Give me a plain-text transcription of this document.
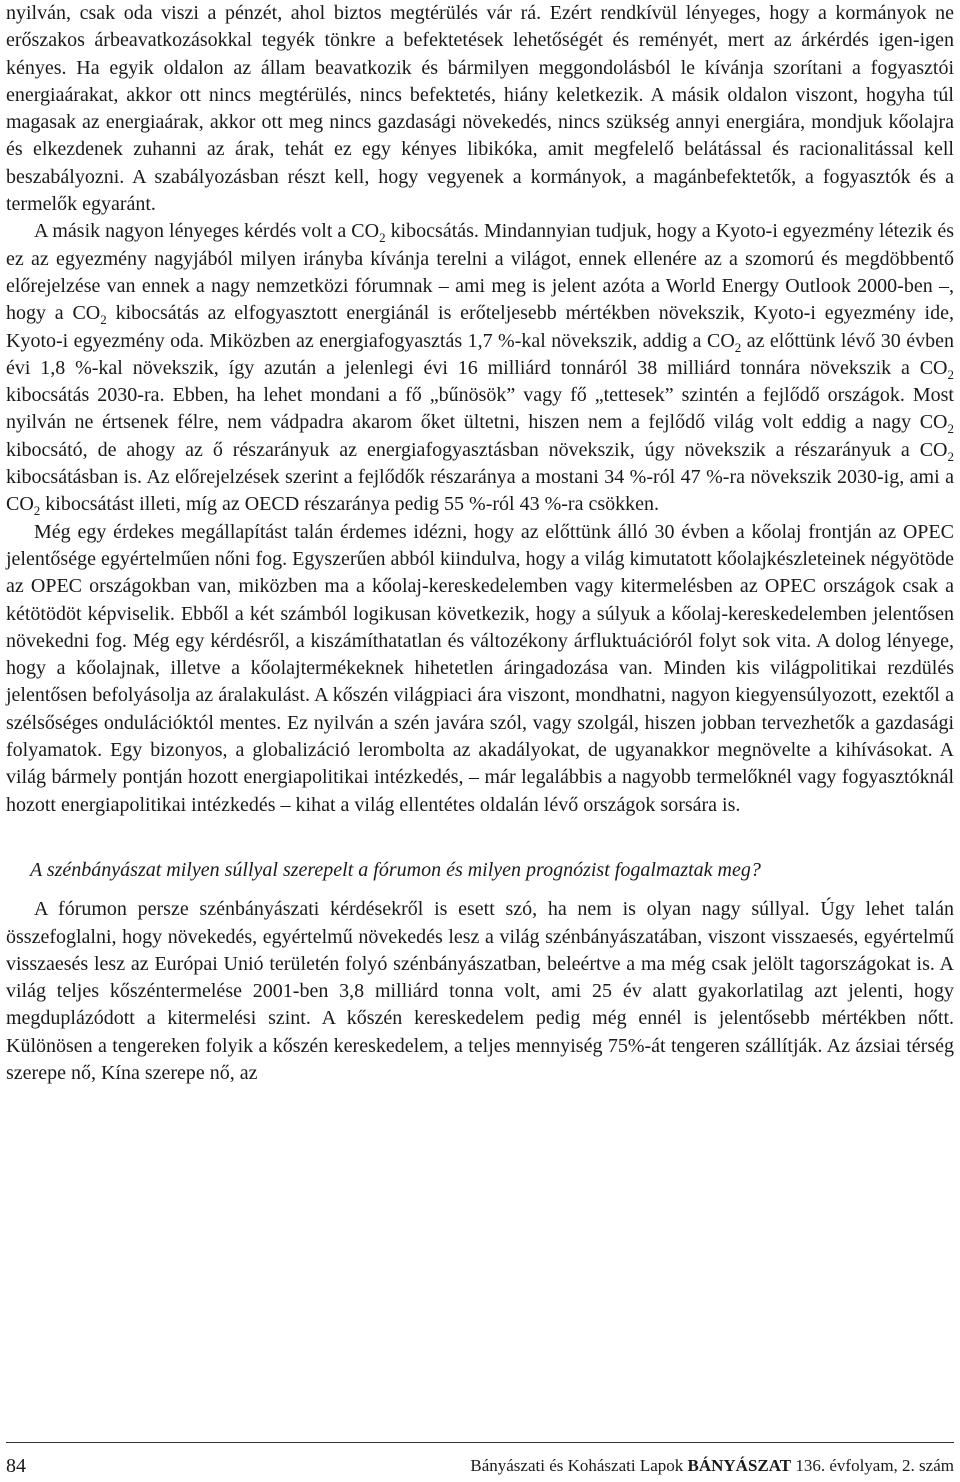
nyilván, csak oda viszi a pénzét, ahol biztos megtérülés vár rá. Ezért rendkívül lényeges, hogy a kormányok ne erőszakos árbeavatkozásokkal tegyék tönkre a befektetések lehetőségét és reményét, mert az árkérdés igen-igen kényes. Ha egyik oldalon az állam beavatkozik és bármilyen meggondolásból le kívánja szorítani a fogyasztói energiaárakat, akkor ott nincs megtérülés, nincs befektetés, hiány keletkezik. A másik oldalon viszont, hogyha túl magasak az energiaárak, akkor ott meg nincs gazdasági növekedés, nincs szükség annyi energiára, mondjuk kőolajra és elkezdenek zuhanni az árak, tehát ez egy kényes libikóka, amit megfelelő belátással és racionalitással kell beszabályozni. A szabályozásban részt kell, hogy vegyenek a kormányok, a magánbefektetők, a fogyasztók és a termelők egyaránt.

A másik nagyon lényeges kérdés volt a $CO_2$ kibocsátás. Mindannyian tudjuk, hogy a Kyoto-i egyezmény létezik és ez az egyezmény nagyjából milyen irányba kívánja terelni a világot, ennek ellenére az a szomorú és megdöbbentő előrejelzése van ennek a nagy nemzetközi fórumnak – ami meg is jelent azóta a World Energy Outlook 2000-ben –, hogy a $CO_2$ kibocsátás az elfogyasztott energiánál is erőteljesebb mértékben növekszik, Kyoto-i egyezmény ide, Kyoto-i egyezmény oda. Miközben az energiafogyasztás 1,7 %-kal növekszik, addig a $CO_2$ az előttünk lévő 30 évben évi 1,8 %-kal növekszik, így azután a jelenlegi évi 16 milliárd tonnáról 38 milliárd tonnára növekszik a $CO_2$ kibocsátás 2030-ra. Ebben, ha lehet mondani a fő „bűnösök” vagy fő „tettesek” szintén a fejlődő országok. Most nyilván ne értsenek félre, nem vádpadra akarom őket ültetni, hiszen nem a fejlődő világ volt eddig a nagy $CO_2$ kibocsátó, de ahogy az ő részarányuk az energiafogyasztásban növekszik, úgy növekszik a részarányuk a $CO_2$ kibocsátásban is. Az előrejelzések szerint a fejlődők részaránya a mostani 34 %-ról 47 %-ra növekszik 2030-ig, ami a $CO_2$ kibocsátást illeti, míg az OECD részaránya pedig 55 %-ról 43 %-ra csökken.

Még egy érdekes megállapítást talán érdemes idézni, hogy az előttünk álló 30 évben a kőolaj frontján az OPEC jelentősége egyértelműen nőni fog. Egyszerűen abból kiindulva, hogy a világ kimutatott kőolajkészleteinek négyötöde az OPEC országokban van, miközben ma a kőolaj-kereskedelemben vagy kitermelésben az OPEC országok csak a kétötödöt képviselik. Ebből a két számból logikusan következik, hogy a súlyuk a kőolaj-kereskedelemben jelentősen növekedni fog. Még egy kérdésről, a kiszámíthatatlan és változékony árfluktuációról folyt sok vita. A dolog lényege, hogy a kőolajnak, illetve a kőolajtermékeknek hihetetlen áringadozása van. Minden kis világpolitikai rezdülés jelentősen befolyásolja az áralakulást. A kőszén világpiaci ára viszont, mondhatni, nagyon kiegyensúlyozott, ezektől a szélsőséges ondulációktól mentes. Ez nyilván a szén javára szól, vagy szolgál, hiszen jobban tervezhetők a gazdasági folyamatok. Egy bizonyos, a globalizáció lerombolta az akadályokat, de ugyanakkor megnövelte a kihívásokat. A világ bármely pontján hozott energiapolitikai intézkedés, – már legalábbis a nagyobb termelőknél vagy fogyasztóknál hozott energiapolitikai intézkedés – kihat a világ ellentétes oldalán lévő országok sorsára is.

A szénbányászat milyen súllyal szerepelt a fórumon és milyen prognózist fogalmaztak meg?

A fórumon persze szénbányászati kérdésekről is esett szó, ha nem is olyan nagy súllyal. Úgy lehet talán összefoglalni, hogy növekedés, egyértelmű növekedés lesz a világ szénbányászatában, viszont visszaesés, egyértelmű visszaesés lesz az Európai Unió területén folyó szénbányászatban, beleértve a ma még csak jelölt tagországokat is. A világ teljes kőszéntermelése 2001-ben 3,8 milliárd tonna volt, ami 25 év alatt gyakorlatilag azt jelenti, hogy megduplázódott a kitermelési szint. A kőszén kereskedelem pedig még ennél is jelentősebb mértékben nőtt. Különösen a tengereken folyik a kőszén kereskedelem, a teljes mennyiség 75%-át tengeren szállítják. Az ázsiai térség szerepe nő, Kína szerepe nő, az

84	Bányászati és Kohászati Lapok BÁNYÁSZAT 136. évfolyam, 2. szám
